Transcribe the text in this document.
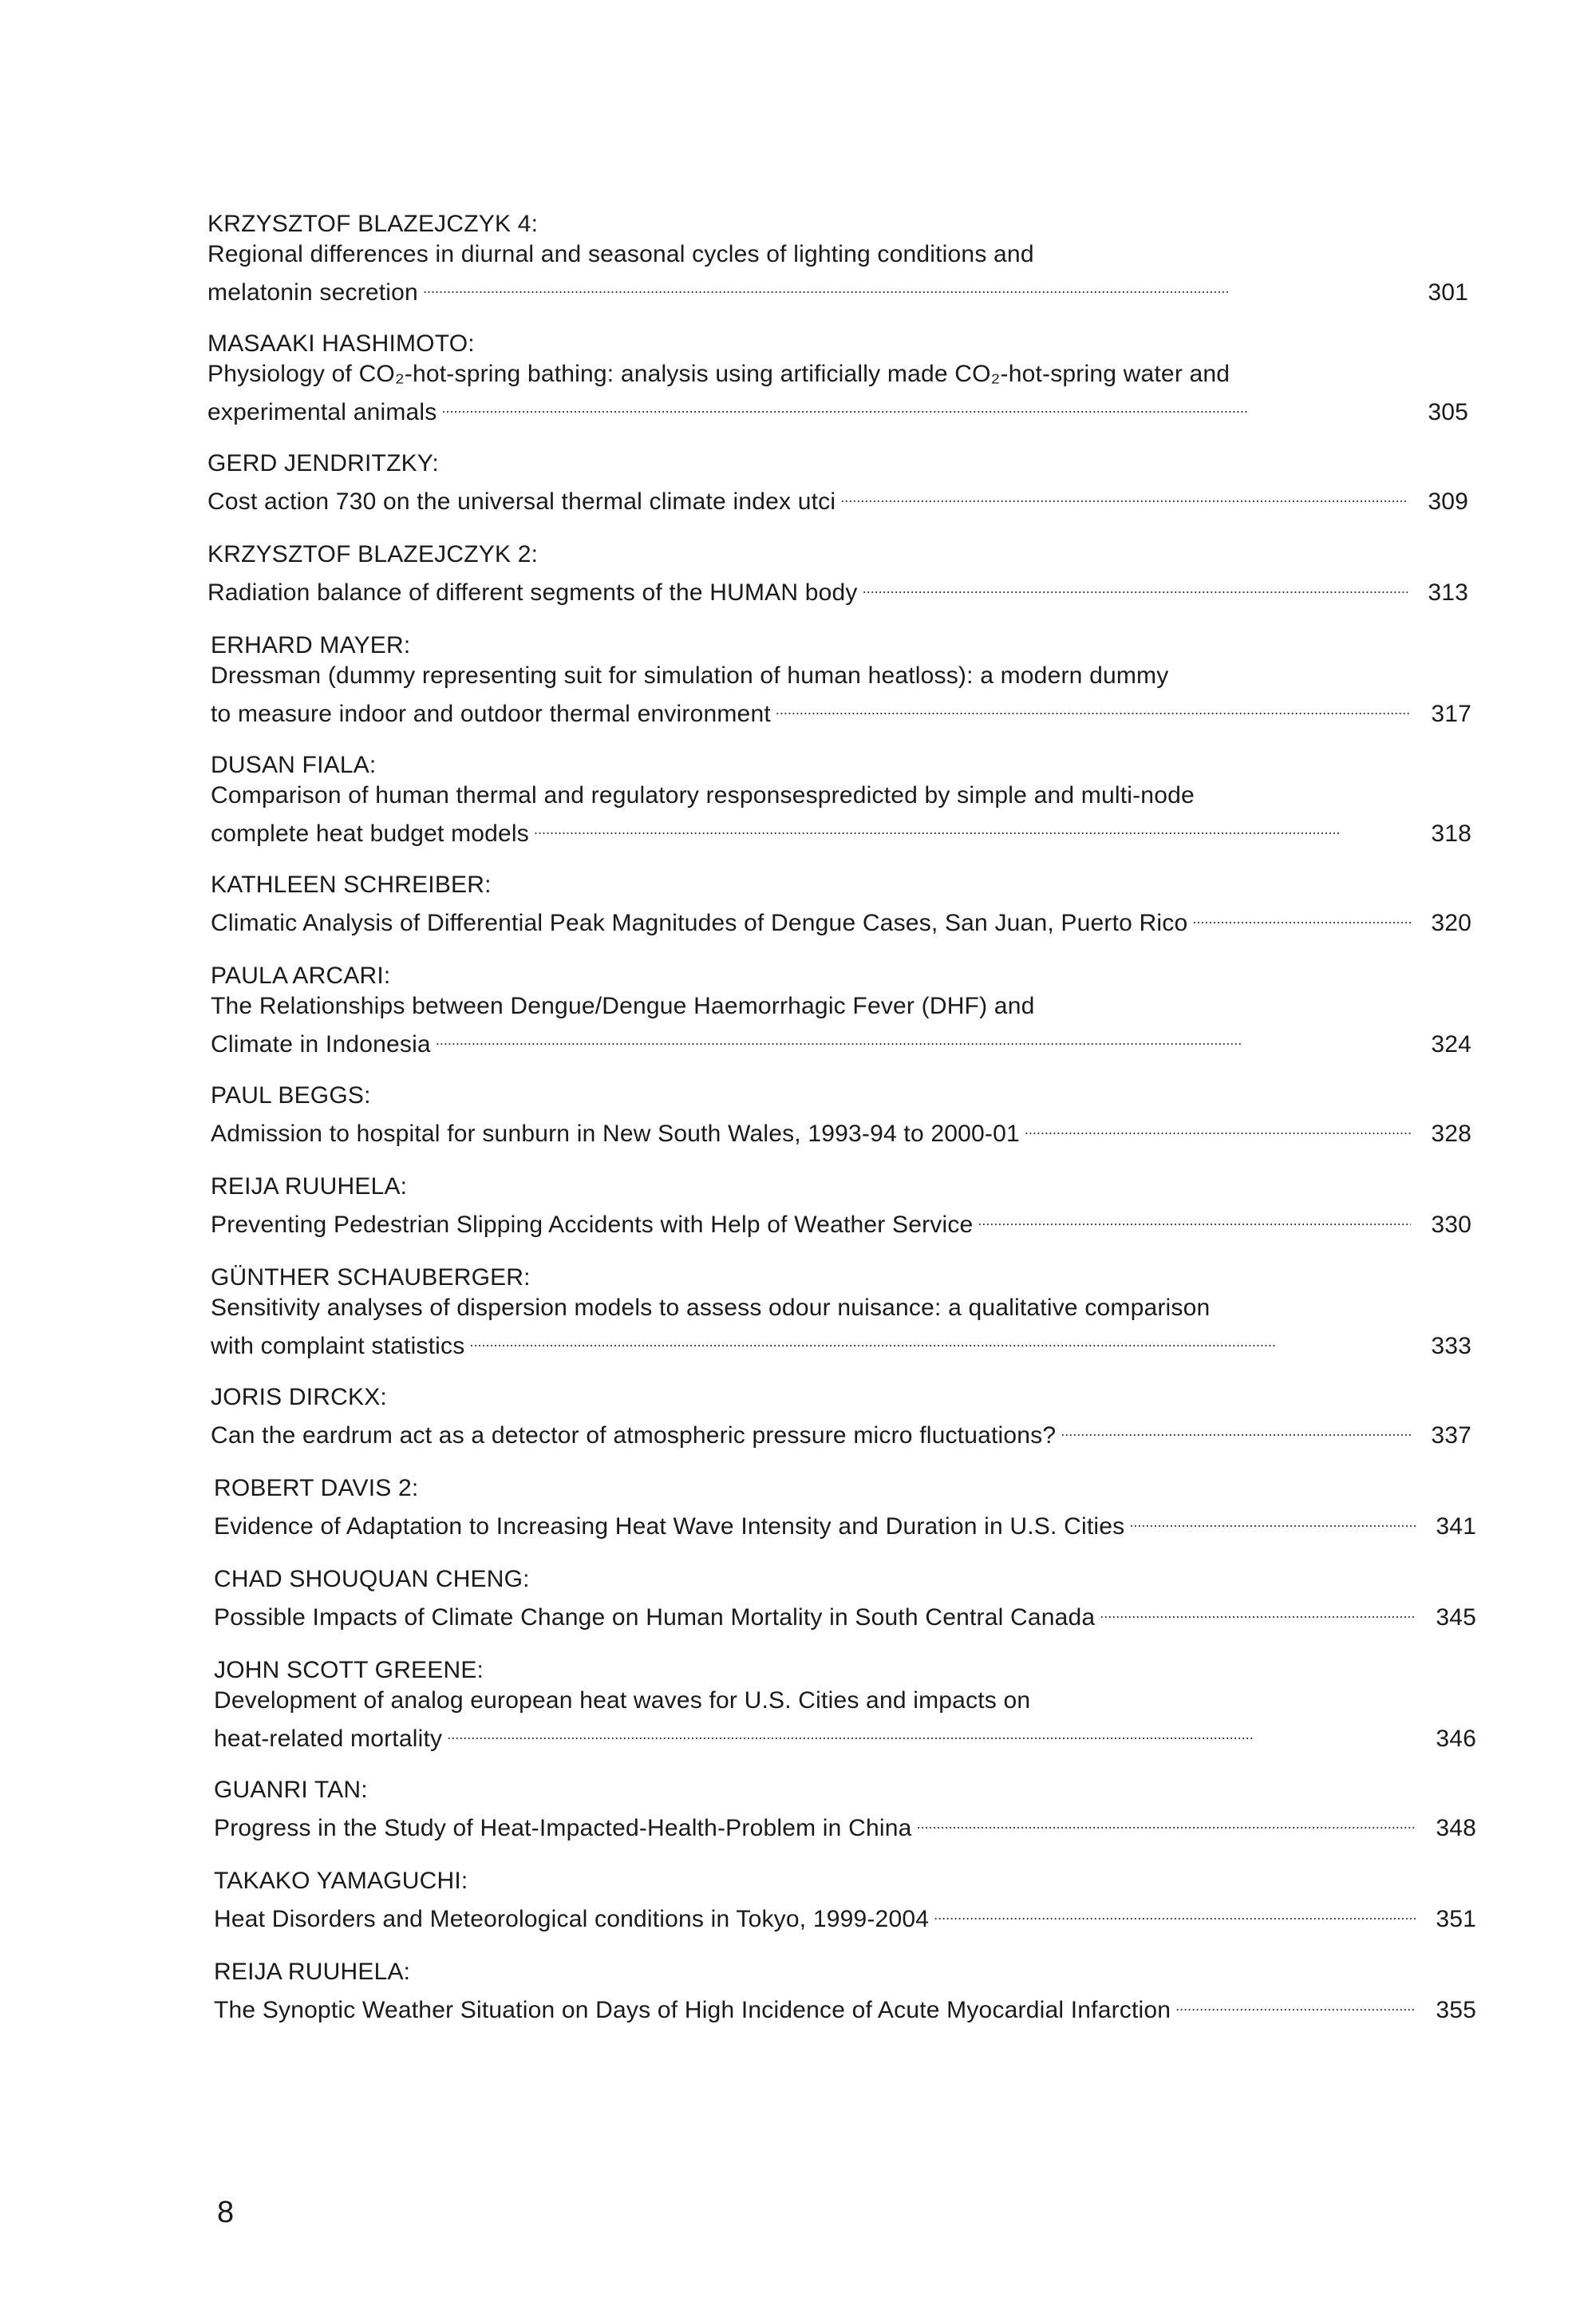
KRZYSZTOF BLAZEJCZYK 4:
Regional differences in diurnal and seasonal cycles of lighting conditions and
melatonin secretion . . .	301
MASAAKI HASHIMOTO:
Physiology of CO₂-hot-spring bathing: analysis using artificially made CO₂-hot-spring water and
experimental animals . . .	305
GERD JENDRITZKY:
Cost action 730 on the universal thermal climate index utci . . .	309
KRZYSZTOF BLAZEJCZYK 2:
Radiation balance of different segments of the HUMAN body . . .	313
ERHARD MAYER:
Dressman (dummy representing suit for simulation of human heatloss): a modern dummy
to measure indoor and outdoor thermal environment . . .	317
DUSAN FIALA:
Comparison of human thermal and regulatory responsespredicted by simple and multi-node
complete heat budget models . . .	318
KATHLEEN SCHREIBER:
Climatic Analysis of Differential Peak Magnitudes of Dengue Cases, San Juan, Puerto Rico . . .	320
PAULA ARCARI:
The Relationships between Dengue/Dengue Haemorrhagic Fever (DHF) and
Climate in Indonesia . . .	324
PAUL BEGGS:
Admission to hospital for sunburn in New South Wales, 1993-94 to 2000-01 . . .	328
REIJA RUUHELA:
Preventing Pedestrian Slipping Accidents with Help of Weather Service . . .	330
GÜNTHER SCHAUBERGER:
Sensitivity analyses of dispersion models to assess odour nuisance: a qualitative comparison
with complaint statistics . . .	333
JORIS DIRCKX:
Can the eardrum act as a detector of atmospheric pressure micro fluctuations? . . .	337
ROBERT DAVIS 2:
Evidence of Adaptation to Increasing Heat Wave Intensity and Duration in U.S. Cities . . .	341
CHAD SHOUQUAN CHENG:
Possible Impacts of Climate Change on Human Mortality in South Central Canada . . .	345
JOHN SCOTT GREENE:
Development of analog european heat waves for U.S. Cities and impacts on
heat-related mortality . . .	346
GUANRI TAN:
Progress in the Study of Heat-Impacted-Health-Problem in China . . .	348
TAKAKO YAMAGUCHI:
Heat Disorders and Meteorological conditions in Tokyo, 1999-2004 . . .	351
REIJA RUUHELA:
The Synoptic Weather Situation on Days of High Incidence of Acute Myocardial Infarction . . .	355
8
